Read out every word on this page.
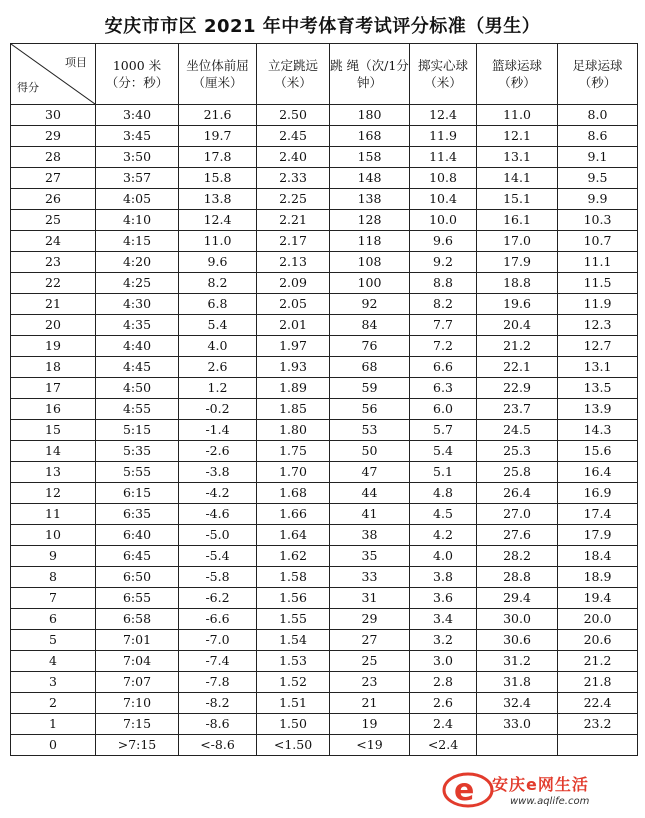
安庆市市区 2021 年中考体育考试评分标准（男生）
项目
得分	1000 米（分：秒）	坐位体前屈（厘米）	立定跳远（米）	跳 绳（次/1分钟）	掷实心球（米）	篮球运球（秒）	足球运球（秒）
30	3:40	21.6	2.50	180	12.4	11.0	8.0
29	3:45	19.7	2.45	168	11.9	12.1	8.6
28	3:50	17.8	2.40	158	11.4	13.1	9.1
27	3:57	15.8	2.33	148	10.8	14.1	9.5
26	4:05	13.8	2.25	138	10.4	15.1	9.9
25	4:10	12.4	2.21	128	10.0	16.1	10.3
24	4:15	11.0	2.17	118	9.6	17.0	10.7
23	4:20	9.6	2.13	108	9.2	17.9	11.1
22	4:25	8.2	2.09	100	8.8	18.8	11.5
21	4:30	6.8	2.05	92	8.2	19.6	11.9
20	4:35	5.4	2.01	84	7.7	20.4	12.3
19	4:40	4.0	1.97	76	7.2	21.2	12.7
18	4:45	2.6	1.93	68	6.6	22.1	13.1
17	4:50	1.2	1.89	59	6.3	22.9	13.5
16	4:55	-0.2	1.85	56	6.0	23.7	13.9
15	5:15	-1.4	1.80	53	5.7	24.5	14.3
14	5:35	-2.6	1.75	50	5.4	25.3	15.6
13	5:55	-3.8	1.70	47	5.1	25.8	16.4
12	6:15	-4.2	1.68	44	4.8	26.4	16.9
11	6:35	-4.6	1.66	41	4.5	27.0	17.4
10	6:40	-5.0	1.64	38	4.2	27.6	17.9
9	6:45	-5.4	1.62	35	4.0	28.2	18.4
8	6:50	-5.8	1.58	33	3.8	28.8	18.9
7	6:55	-6.2	1.56	31	3.6	29.4	19.4
6	6:58	-6.6	1.55	29	3.4	30.0	20.0
5	7:01	-7.0	1.54	27	3.2	30.6	20.6
4	7:04	-7.4	1.53	25	3.0	31.2	21.2
3	7:07	-7.8	1.52	23	2.8	31.8	21.8
2	7:10	-8.2	1.51	21	2.6	32.4	22.4
1	7:15	-8.6	1.50	19	2.4	33.0	23.2
0	>7:15	<-8.6	<1.50	<19	<2.4		
e 安庆e网生活
www.aqlife.com
